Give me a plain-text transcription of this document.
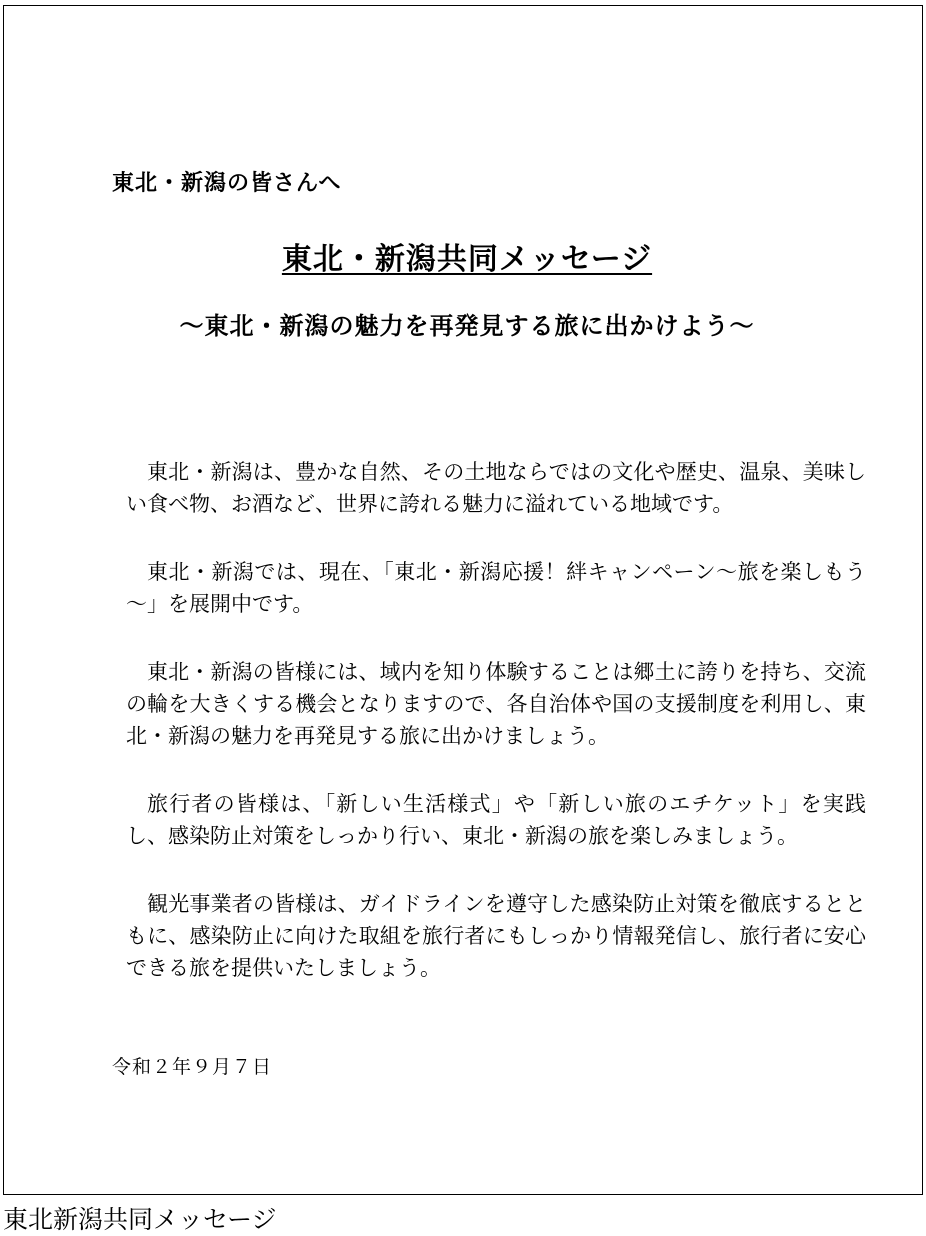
東北・新潟の皆さんへ
東北・新潟共同メッセージ
～東北・新潟の魅力を再発見する旅に出かけよう～

東北・新潟は、豊かな自然、その土地ならではの文化や歴史、温泉、美味しい食べ物、お酒など、世界に誇れる魅力に溢れている地域です。

東北・新潟では、現在、「東北・新潟応援！絆キャンペーン～旅を楽しもう～」を展開中です。

東北・新潟の皆様には、域内を知り体験することは郷土に誇りを持ち、交流の輪を大きくする機会となりますので、各自治体や国の支援制度を利用し、東北・新潟の魅力を再発見する旅に出かけましょう。

旅行者の皆様は、「新しい生活様式」や「新しい旅のエチケット」を実践し、感染防止対策をしっかり行い、東北・新潟の旅を楽しみましょう。

観光事業者の皆様は、ガイドラインを遵守した感染防止対策を徹底するとともに、感染防止に向けた取組を旅行者にもしっかり情報発信し、旅行者に安心できる旅を提供いたしましょう。

令和２年９月７日
東北新潟共同メッセージ
